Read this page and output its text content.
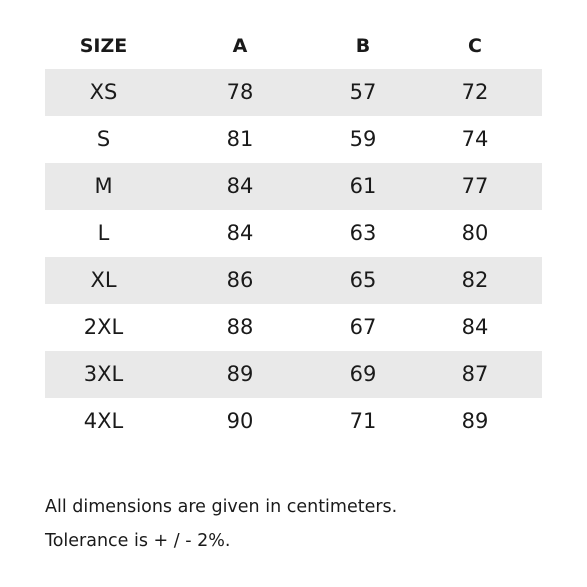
SIZE	A	B	C
XS	78	57	72
S	81	59	74
M	84	61	77
L	84	63	80
XL	86	65	82
2XL	88	67	84
3XL	89	69	87
4XL	90	71	89
All dimensions are given in centimeters.
Tolerance is + / - 2%.
